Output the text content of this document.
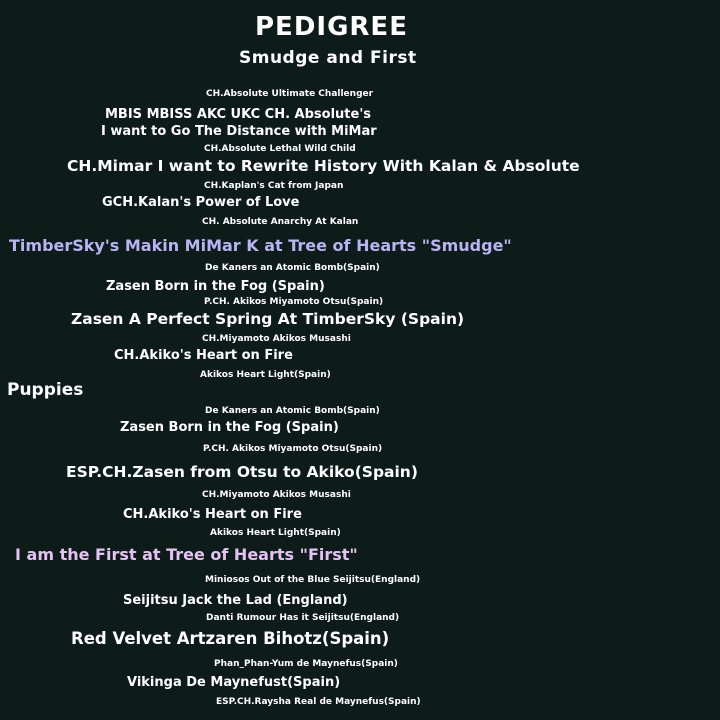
PEDIGREE
Smudge and First
CH.Absolute Ultimate Challenger
MBIS MBISS AKC UKC CH. Absolute's
I want to Go The Distance with MiMar
CH.Absolute Lethal Wild Child
CH.Mimar I want to Rewrite History With Kalan & Absolute
CH.Kaplan's Cat from Japan
GCH.Kalan's Power of Love
CH. Absolute Anarchy At Kalan
TimberSky's Makin MiMar K at Tree of Hearts "Smudge"
De Kaners an Atomic Bomb(Spain)
Zasen Born in the Fog (Spain)
P.CH. Akikos Miyamoto Otsu(Spain)
Zasen A Perfect Spring At TimberSky (Spain)
CH.Miyamoto Akikos Musashi
CH.Akiko's Heart on Fire
Akikos Heart Light(Spain)
Puppies
De Kaners an Atomic Bomb(Spain)
Zasen Born in the Fog (Spain)
P.CH. Akikos Miyamoto Otsu(Spain)
ESP.CH.Zasen from Otsu to Akiko(Spain)
CH.Miyamoto Akikos Musashi
CH.Akiko's Heart on Fire
Akikos Heart Light(Spain)
I am the First at Tree of Hearts "First"
Miniosos Out of the Blue Seijitsu(England)
Seijitsu Jack the Lad (England)
Danti Rumour Has it Seijitsu(England)
Red Velvet Artzaren Bihotz(Spain)
Phan_Phan-Yum de Maynefus(Spain)
Vikinga De Maynefust(Spain)
ESP.CH.Raysha Real de Maynefus(Spain)
